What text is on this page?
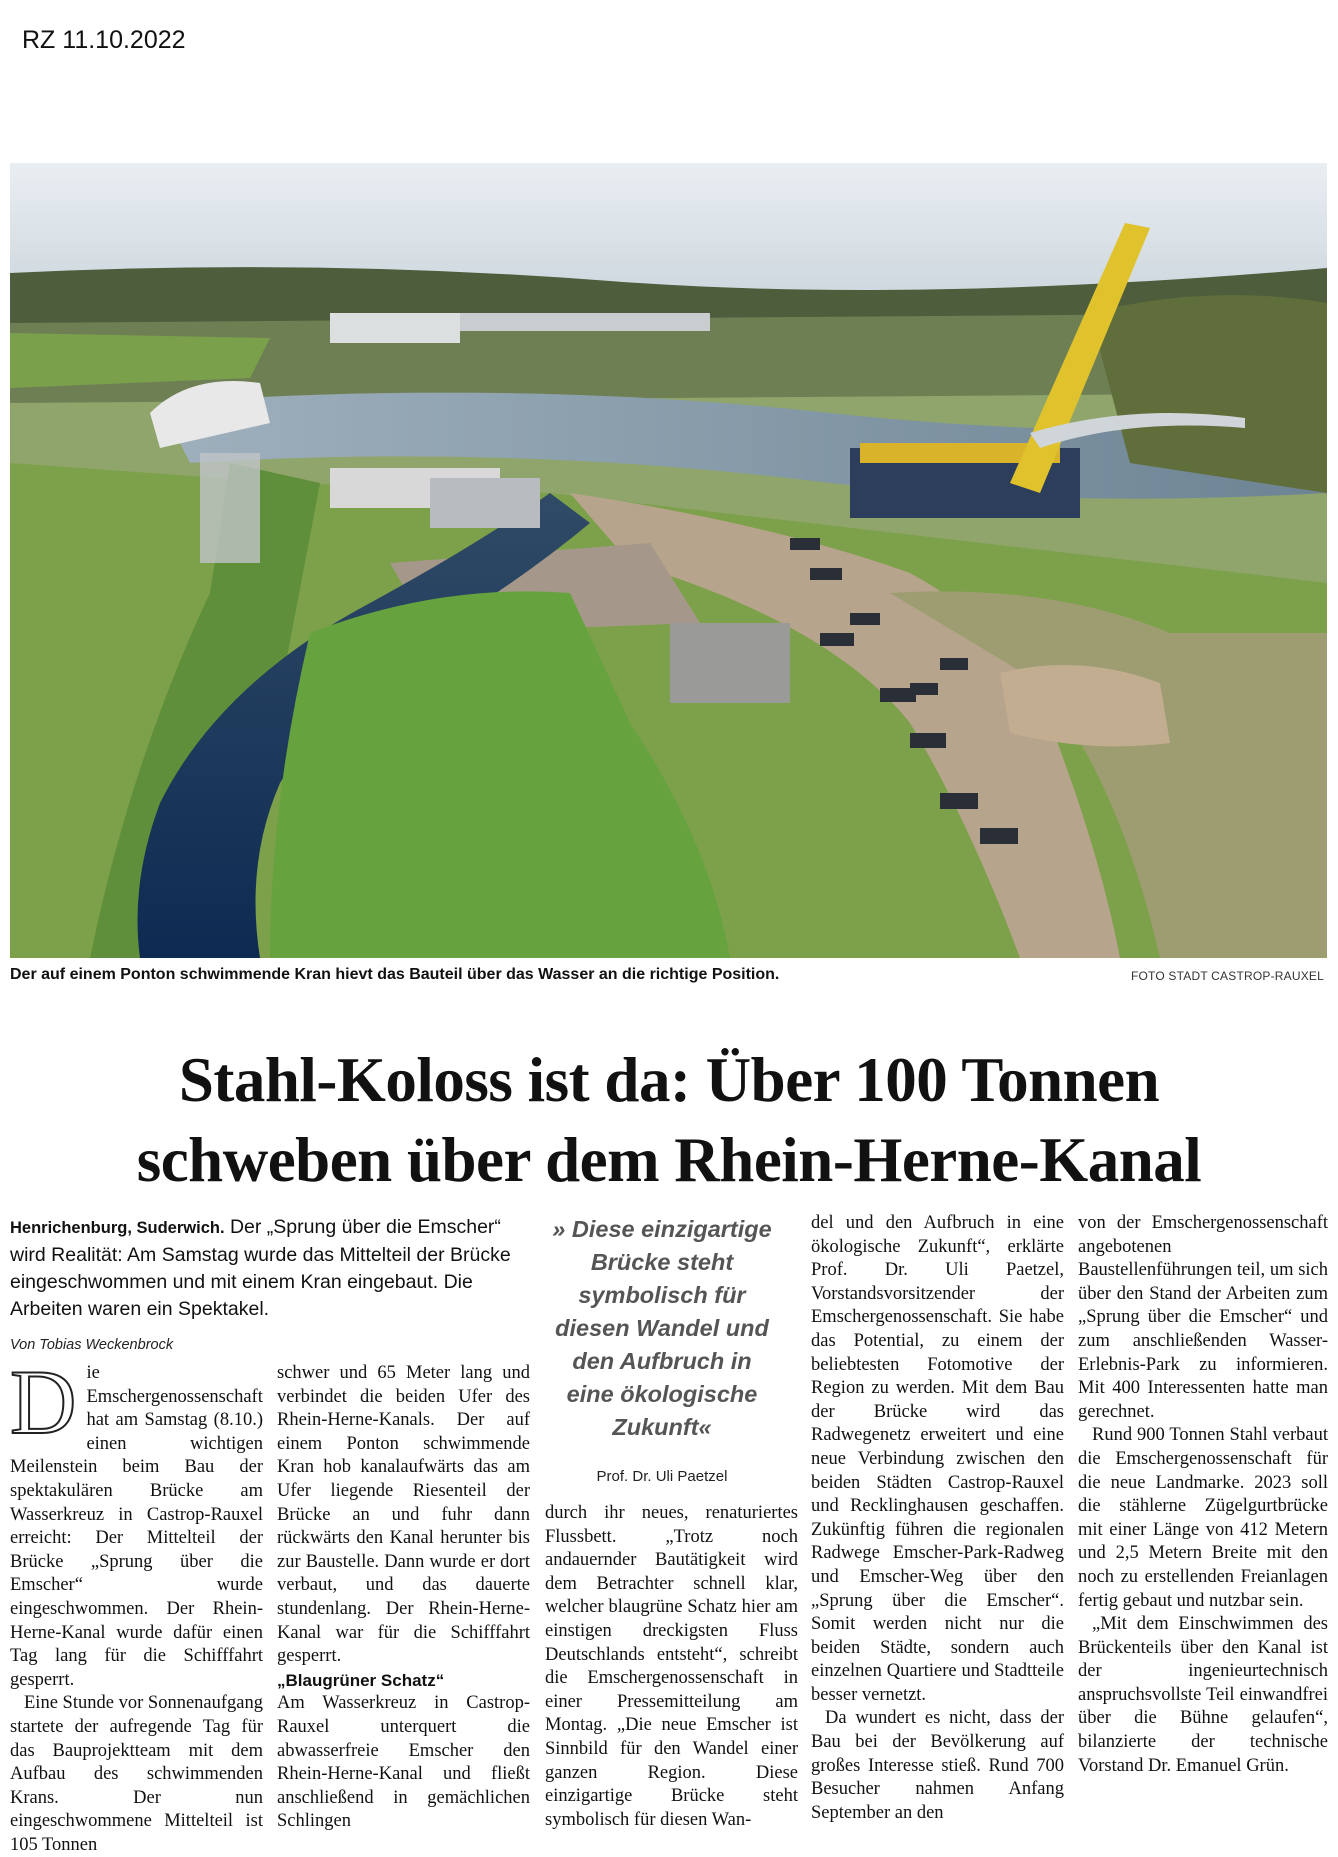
RZ 11.10.2022
Der auf einem Ponton schwimmende Kran hievt das Bauteil über das Wasser an die richtige Position.	FOTO STADT CASTROP-RAUXEL
Stahl-Koloss ist da: Über 100 Tonnen
schweben über dem Rhein-Herne-Kanal
Henrichenburg, Suderwich. Der „Sprung über die Emscher“ wird Realität: Am Samstag wurde das Mittelteil der Brücke eingeschwommen und mit einem Kran eingebaut. Die Arbeiten waren ein Spektakel.
Von Tobias Weckenbrock

Die Emschergenossenschaft hat am Samstag (8.10.) einen wichtigen Meilenstein beim Bau der spektakulären Brücke am Wasserkreuz in Castrop-Rauxel erreicht: Der Mittelteil der Brücke „Sprung über die Emscher“ wurde eingeschwommen. Der Rhein-Herne-Kanal wurde dafür einen Tag lang für die Schifffahrt gesperrt.

Eine Stunde vor Sonnenaufgang startete der aufregende Tag für das Bauprojektteam mit dem Aufbau des schwimmenden Krans. Der nun eingeschwommene Mittelteil ist 105 Tonnen

schwer und 65 Meter lang und verbindet die beiden Ufer des Rhein-Herne-Kanals. Der auf einem Ponton schwimmende Kran hob kanalaufwärts das am Ufer liegende Riesenteil der Brücke an und fuhr dann rückwärts den Kanal herunter bis zur Baustelle. Dann wurde er dort verbaut, und das dauerte stundenlang. Der Rhein-Herne-Kanal war für die Schifffahrt gesperrt.

„Blaugrüner Schatz“

Am Wasserkreuz in Castrop-Rauxel unterquert die abwasserfreie Emscher den Rhein-Herne-Kanal und fließt anschließend in gemächlichen Schlingen

» Diese einzigartige Brücke steht symbolisch für diesen Wandel und den Aufbruch in eine ökologische Zukunft«
Prof. Dr. Uli Paetzel

durch ihr neues, renaturiertes Flussbett. „Trotz noch andauernder Bautätigkeit wird dem Betrachter schnell klar, welcher blaugrüne Schatz hier am einstigen dreckigsten Fluss Deutschlands entsteht“, schreibt die Emschergenossenschaft in einer Pressemitteilung am Montag. „Die neue Emscher ist Sinnbild für den Wandel einer ganzen Region. Diese einzigartige Brücke steht symbolisch für diesen Wan-

del und den Aufbruch in eine ökologische Zukunft“, erklärte Prof. Dr. Uli Paetzel, Vorstandsvorsitzender der Emschergenossenschaft. Sie habe das Potential, zu einem der beliebtesten Fotomotive der Region zu werden. Mit dem Bau der Brücke wird das Radwegenetz erweitert und eine neue Verbindung zwischen den beiden Städten Castrop-Rauxel und Recklinghausen geschaffen. Zukünftig führen die regionalen Radwege Emscher-Park-Radweg und Emscher-Weg über den „Sprung über die Emscher“. Somit werden nicht nur die beiden Städte, sondern auch einzelnen Quartiere und Stadtteile besser vernetzt.

Da wundert es nicht, dass der Bau bei der Bevölkerung auf großes Interesse stieß. Rund 700 Besucher nahmen Anfang September an den

von der Emschergenossenschaft angebotenen Baustellenführungen teil, um sich über den Stand der Arbeiten zum „Sprung über die Emscher“ und zum anschließenden Wasser-Erlebnis-Park zu informieren. Mit 400 Interessenten hatte man gerechnet.

Rund 900 Tonnen Stahl verbaut die Emschergenossenschaft für die neue Landmarke. 2023 soll die stählerne Zügelgurtbrücke mit einer Länge von 412 Metern und 2,5 Metern Breite mit den noch zu erstellenden Freianlagen fertig gebaut und nutzbar sein.

„Mit dem Einschwimmen des Brückenteils über den Kanal ist der ingenieurtechnisch anspruchsvollste Teil einwandfrei über die Bühne gelaufen“, bilanzierte der technische Vorstand Dr. Emanuel Grün.
